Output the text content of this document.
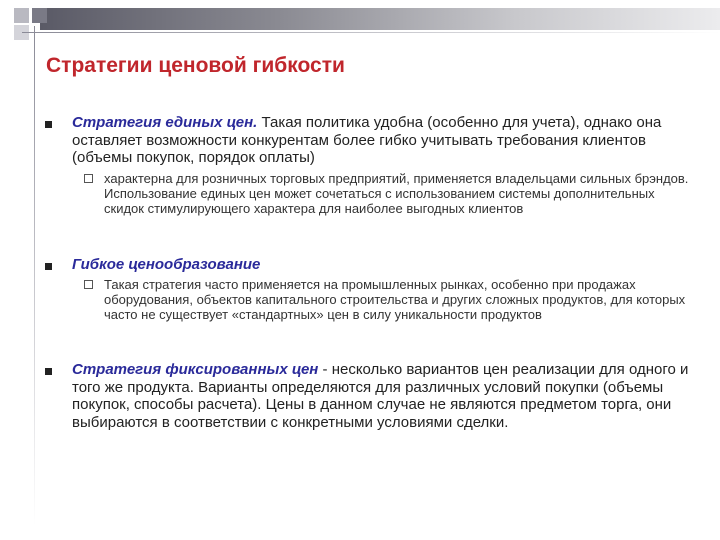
Стратегии ценовой гибкости
Стратегия единых цен. Такая политика удобна (особенно для учета), однако она оставляет возможности конкурентам более гибко учитывать требования клиентов (объемы покупок, порядок оплаты)
характерна для розничных торговых предприятий, применяется владельцами сильных брэндов. Использование единых цен может сочетаться с использованием системы дополнительных скидок стимулирующего характера для наиболее выгодных клиентов
Гибкое ценообразование
Такая стратегия часто применяется на промышленных рынках, особенно при продажах оборудования, объектов капитального строительства и других сложных продуктов, для которых часто не существует «стандартных» цен в силу уникальности продуктов
Стратегия фиксированных цен - несколько вариантов цен реализации для одного и того же продукта. Варианты определяются для различных условий покупки (объемы покупок, способы расчета). Цены в данном случае не являются предметом торга, они выбираются в соответствии с конкретными условиями сделки.
